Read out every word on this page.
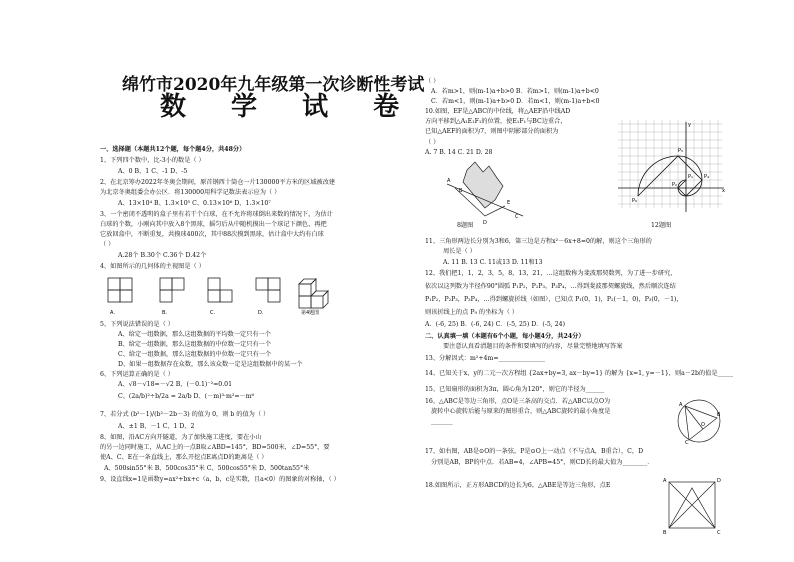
绵竹市2020年九年级第一次诊断性考试
数 学 试 卷
一、选择题（本题共12个题，每个题4分，共48分）
1、下列四个数中，比-3小的数是（ ）
A、0 B、1 C、-1 D、-5
2、在北京筹办2022年冬奥会期间，原首钢西十筒仓一片130000平方米的区域被改建
为北京冬奥组委会办公区．将130000用科学记数法表示应为（ ）
A、13×10⁴ B、1.3×10⁵ C、0.13×10⁶ D、1.3×10⁷
3、一个密闭不透明的盒子里有若干个白球，在不允许将球倒出来数的情况下，为估计
白球的个数，小刚向其中放入8个黑球，摇匀后从中随机摸出一个球记下颜色，再把
它放回盒中，不断重复，共摸球400次，其中88次摸到黑球，估计盒中大约有白球
（ ）
A.28个 B.30个 C.36个 D.42个
4、如图所示的几何体的主视图是（ ）
A.	B.	C.	D.	第4题图
5、下列说法错误的是（ ）
A、给定一组数据，那么这组数据的平均数一定只有一个
B、给定一组数据，那么这组数据的中位数一定只有一个
C、给定一组数据，那么这组数据的中位数一定只有一个
D、如果一组数据存在众数，那么该众数一定是这组数据中的某一个
6、下列运算正确的是（ ）
A、√8－√18=－√2 B、(－0.1)⁻²=0.01
C、(2a/b)²÷b/2a = 2a/b D、(－m)³·m²=－m⁶
7、若分式 (b²－1)/(b²－2b－3) 的值为 0，则 b 的值为（ ）
A、±1 B、－1 C、1 D、2
8、如图，沿AC方向开隧道，为了加快施工进度，要在小山
的另一边同时施工，从AC上的一点B取∠ABD=145°，BD=500米，∠D=55°，要
使A、C、E在一条直线上，那么开挖点E离点D的距离是（ ）
A、500sin55°米 B、500cos35°米 C、500cos55°米 D、500tan55°米
9、设直线x=1是函数y=ax²+bx+c（a，b，c是实数，且a<0）的图象的对称轴，（ ）
（ ）
A．若m>1，则(m-1)a+b>0 B．若m>1，则(m-1)a+b<0
C．若m<1，则(m-1)a+b>0 D．若m<1，则(m-1)a+b<0
10.如图，EF是△ABC的中位线，将△AEF沿中线AD
方向平移到△A₁E₁F₁的位置，使E₁F₁与BC边重合，
已知△AEF的面积为7，则图中阴影部分的面积为
（ ）
A. 7 B. 14 C. 21 D. 28
A
B
D
E
C
8题图
P₁
P₂
P₄
P₅
P₆
x
y
12题图
11、三角形两边长分别为3和6，第三边是方程x²－6x+8=0的解，则这个三角形的
周长是（ ）
A. 11 B. 13 C. 11或13 D. 11和13
12、我们把1，1，2，3，5，8，13，21，…这组数称为斐波那契数列，为了进一步研究，
依次以这列数为半径作90°圆弧 P₁P₂，P₂P₃，P₃P₄，…得到斐波那契螺旋线，然后顺次连结
P₁P₂，P₂P₃，P₃P₄，…得到螺旋折线（如图），已知点 P₁(0，1)，P₂(－1，0)，P₃(0，－1)，
则该折线上的点 P₉ 的坐标为（ ）
A．(-6, 25) B．(-6, 24) C．(-5, 25) D．(-5, 24)
二、认真填一填（本题有6个小题，每小题4分，共24分）
要注意认真看清题目的条件和要填写的内容，尽量完整地填写答案
13、分解因式：m²+4m=_______________
14、已知关于x，y的二元一次方程组 {2ax+by=3, ax－by=1} 的解为 {x=1, y=－1}，则a－2b的值是_____
15、已知扇形的面积为3π，圆心角为120°，则它的半径为______
16、△ABC是等边三角形，点O是三条高的交点．若△ABC以点O为
旋转中心旋转后能与原来的图形重合，则△ABC旋转的最小角度是
_______
A
B
C
O
17、如右图，AB是⊙O的一条弦，P是⊙O上一动点（不与点A，B重合），C，D
分别是AB，BP的中点．若AB=4，∠APB=45°，则CD长的最大值为________．
18.如图所示，正方形ABCD的边长为6，△ABE是等边三角形，点E
A	D
B	C
